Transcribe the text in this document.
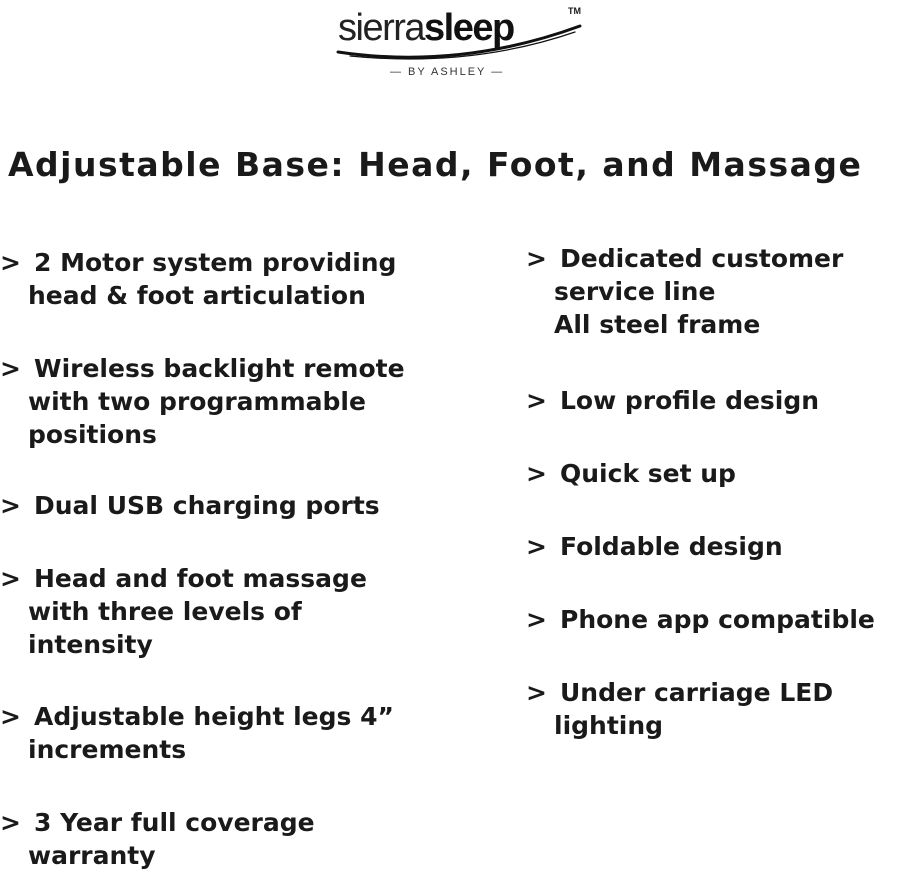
sierrasleep	TM
— BY ASHLEY —
Adjustable Base: Head, Foot, and Massage
> 2 Motor system providing
head & foot articulation
> Wireless backlight remote
with two programmable
positions
> Dual USB charging ports
> Head and foot massage
with three levels of
intensity
> Adjustable height legs 4”
increments
> 3 Year full coverage
warranty
> Dedicated customer
service line
All steel frame
> Low profile design
> Quick set up
> Foldable design
> Phone app compatible
> Under carriage LED
lighting
